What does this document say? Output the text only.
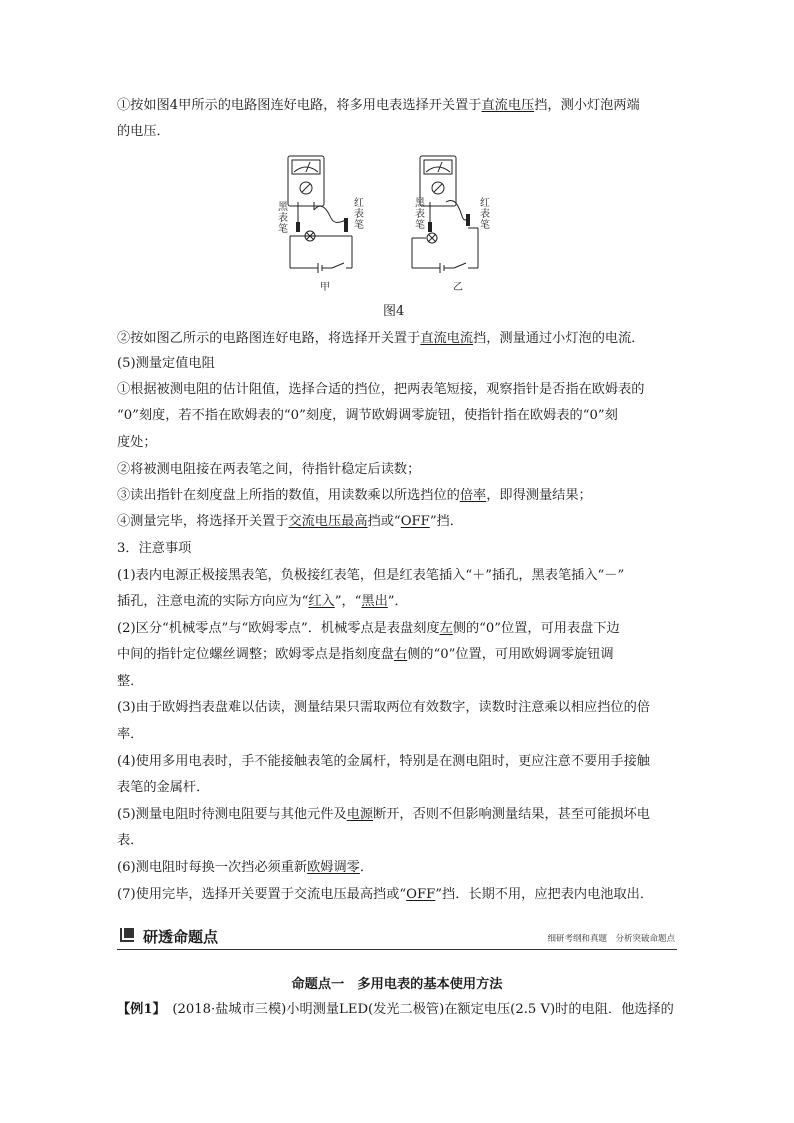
①按如图4甲所示的电路图连好电路，将多用电表选择开关置于直流电压挡，测小灯泡两端
的电压．
黑表笔
红表笔
黑表笔
红表笔
甲	乙
图4
②按如图乙所示的电路图连好电路，将选择开关置于直流电流挡，测量通过小灯泡的电流．
(5)测量定值电阻
①根据被测电阻的估计阻值，选择合适的挡位，把两表笔短接，观察指针是否指在欧姆表的
“0”刻度，若不指在欧姆表的“0”刻度，调节欧姆调零旋钮，使指针指在欧姆表的“0”刻
度处；
②将被测电阻接在两表笔之间，待指针稳定后读数；
③读出指针在刻度盘上所指的数值，用读数乘以所选挡位的倍率，即得测量结果；
④测量完毕，将选择开关置于交流电压最高挡或“OFF”挡．
3．注意事项
(1)表内电源正极接黑表笔，负极接红表笔，但是红表笔插入“＋”插孔，黑表笔插入“－”
插孔，注意电流的实际方向应为“红入”，“黑出”．
(2)区分“机械零点”与“欧姆零点”．机械零点是表盘刻度左侧的“0”位置，可用表盘下边
中间的指针定位螺丝调整；欧姆零点是指刻度盘右侧的“0”位置，可用欧姆调零旋钮调
整．
(3)由于欧姆挡表盘难以估读，测量结果只需取两位有效数字，读数时注意乘以相应挡位的倍
率．
(4)使用多用电表时，手不能接触表笔的金属杆，特别是在测电阻时，更应注意不要用手接触
表笔的金属杆．
(5)测量电阻时待测电阻要与其他元件及电源断开，否则不但影响测量结果，甚至可能损坏电
表．
(6)测电阻时每换一次挡必须重新欧姆调零．
(7)使用完毕，选择开关要置于交流电压最高挡或“OFF”挡．长期不用，应把表内电池取出．
研透命题点	细研考纲和真题　分析突破命题点
命题点一　多用电表的基本使用方法
【例1】　(2018·盐城市三模)小明测量LED(发光二极管)在额定电压(2.5 V)时的电阻．他选择的
